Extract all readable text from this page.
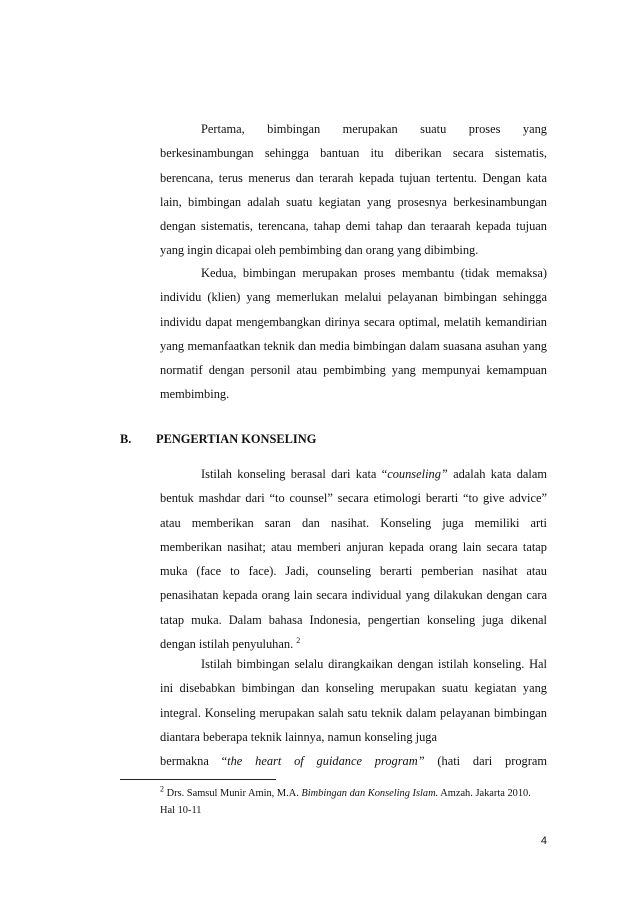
Pertama, bimbingan merupakan suatu proses yang
berkesinambungan sehingga bantuan itu diberikan secara sistematis, berencana, terus menerus dan terarah kepada tujuan tertentu. Dengan kata lain, bimbingan adalah suatu kegiatan yang prosesnya berkesinambungan dengan sistematis, terencana, tahap demi tahap dan teraarah kepada tujuan yang ingin dicapai oleh pembimbing dan orang yang dibimbing.
Kedua, bimbingan merupakan proses membantu (tidak memaksa) individu (klien) yang memerlukan melalui pelayanan bimbingan sehingga individu dapat mengembangkan dirinya secara optimal, melatih kemandirian yang memanfaatkan teknik dan media bimbingan dalam suasana asuhan yang normatif dengan personil atau pembimbing yang mempunyai kemampuan membimbing.
B. PENGERTIAN KONSELING
Istilah konseling berasal dari kata “counseling” adalah kata dalam bentuk mashdar dari “to counsel” secara etimologi berarti “to give advice” atau memberikan saran dan nasihat. Konseling juga memiliki arti memberikan nasihat; atau memberi anjuran kepada orang lain secara tatap muka (face to face). Jadi, counseling berarti pemberian nasihat atau penasihatan kepada orang lain secara individual yang dilakukan dengan cara tatap muka. Dalam bahasa Indonesia, pengertian konseling juga dikenal dengan istilah penyuluhan. $^2$
Istilah bimbingan selalu dirangkaikan dengan istilah konseling. Hal ini disebabkan bimbingan dan konseling merupakan suatu kegiatan yang integral. Konseling merupakan salah satu teknik dalam pelayanan bimbingan diantara beberapa teknik lainnya, namun konseling juga
bermakna “the heart of guidance program” (hati dari program
$^2$ Drs. Samsul Munir Amin, M.A. Bimbingan dan Konseling Islam. Amzah. Jakarta 2010.
Hal 10-11
4
